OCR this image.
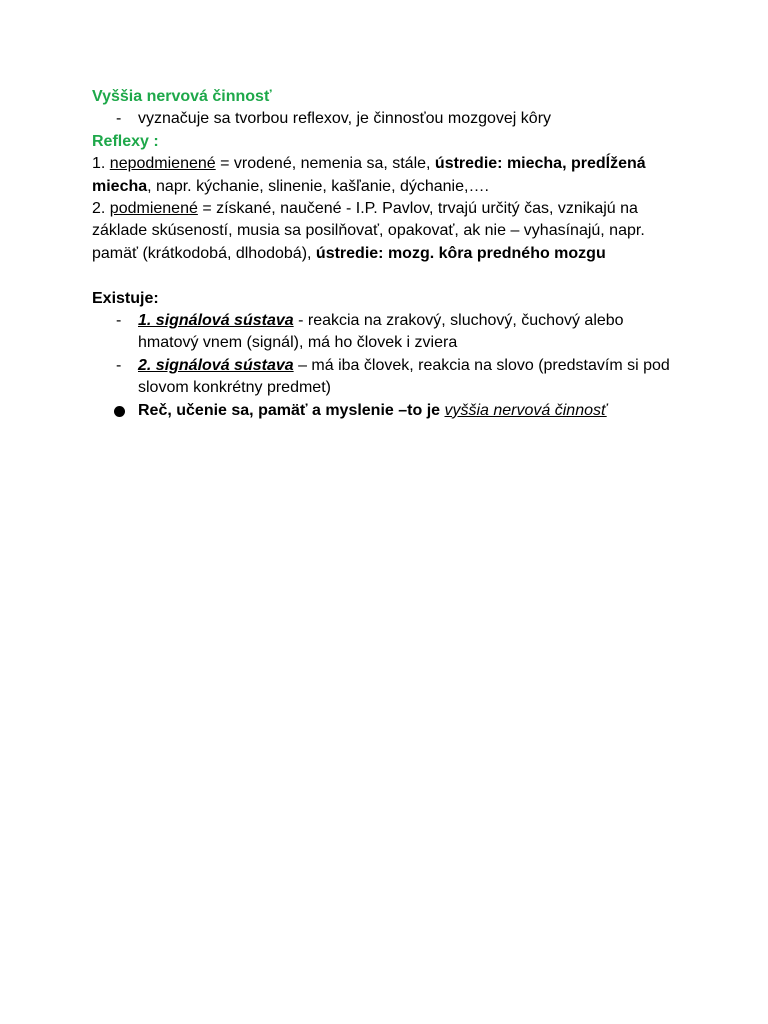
Vyššia nervová činnosť
- vyznačuje sa tvorbou reflexov, je činnosťou mozgovej kôry
Reflexy :
1. nepodmienené = vrodené, nemenia sa, stále, ústredie: miecha, predĺžená miecha, napr. kýchanie, slinenie, kašľanie, dýchanie,….
2. podmienené = získané, naučené - I.P. Pavlov, trvajú určitý čas, vznikajú na základe skúseností, musia sa posilňovať, opakovať, ak nie – vyhasínajú, napr. pamäť (krátkodobá, dlhodobá), ústredie: mozg. kôra predného mozgu
Existuje:
- 1. signálová sústava - reakcia na zrakový, sluchový, čuchový alebo hmatový vnem (signál), má ho človek i zviera
- 2. signálová sústava – má iba človek, reakcia na slovo (predstavím si pod slovom konkrétny predmet)
Reč, učenie sa, pamäť a myslenie –to je vyššia nervová činnosť
